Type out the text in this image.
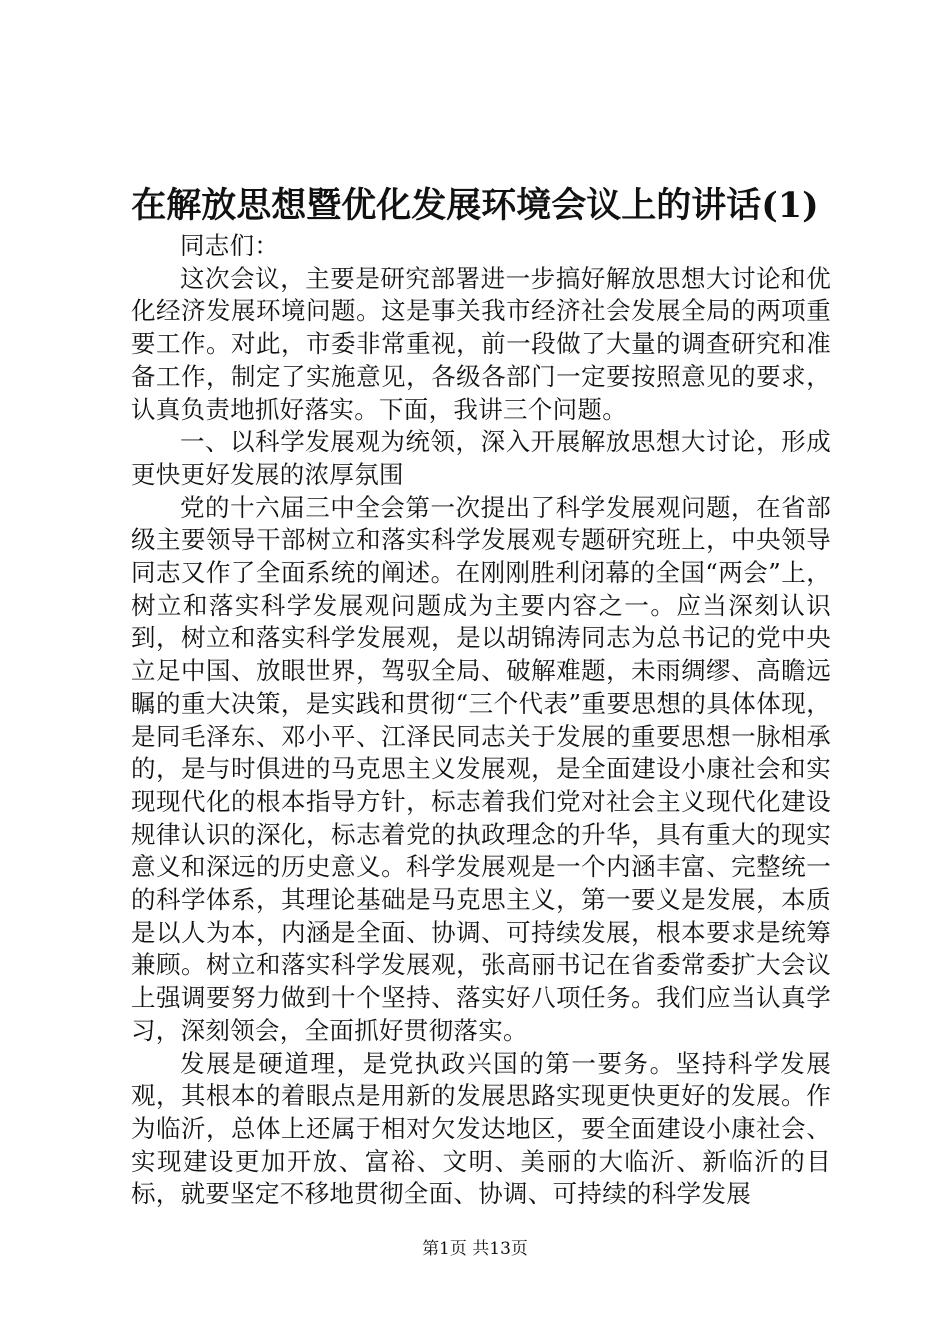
在解放思想暨优化发展环境会议上的讲话(1)

同志们：

这次会议，主要是研究部署进一步搞好解放思想大讨论和优化经济发展环境问题。这是事关我市经济社会发展全局的两项重要工作。对此，市委非常重视，前一段做了大量的调查研究和准备工作，制定了实施意见，各级各部门一定要按照意见的要求，认真负责地抓好落实。下面，我讲三个问题。

一、以科学发展观为统领，深入开展解放思想大讨论，形成更快更好发展的浓厚氛围

党的十六届三中全会第一次提出了科学发展观问题，在省部级主要领导干部树立和落实科学发展观专题研究班上，中央领导同志又作了全面系统的阐述。在刚刚胜利闭幕的全国“两会”上，树立和落实科学发展观问题成为主要内容之一。应当深刻认识到，树立和落实科学发展观，是以胡锦涛同志为总书记的党中央立足中国、放眼世界，驾驭全局、破解难题，未雨绸缪、高瞻远瞩的重大决策，是实践和贯彻“三个代表”重要思想的具体体现，是同毛泽东、邓小平、江泽民同志关于发展的重要思想一脉相承的，是与时俱进的马克思主义发展观，是全面建设小康社会和实现现代化的根本指导方针，标志着我们党对社会主义现代化建设规律认识的深化，标志着党的执政理念的升华，具有重大的现实意义和深远的历史意义。科学发展观是一个内涵丰富、完整统一的科学体系，其理论基础是马克思主义，第一要义是发展，本质是以人为本，内涵是全面、协调、可持续发展，根本要求是统筹兼顾。树立和落实科学发展观，张高丽书记在省委常委扩大会议上强调要努力做到十个坚持、落实好八项任务。我们应当认真学习，深刻领会，全面抓好贯彻落实。

发展是硬道理，是党执政兴国的第一要务。坚持科学发展观，其根本的着眼点是用新的发展思路实现更快更好的发展。作为临沂，总体上还属于相对欠发达地区，要全面建设小康社会、实现建设更加开放、富裕、文明、美丽的大临沂、新临沂的目标，就要坚定不移地贯彻全面、协调、可持续的科学发展

第1页 共13页
